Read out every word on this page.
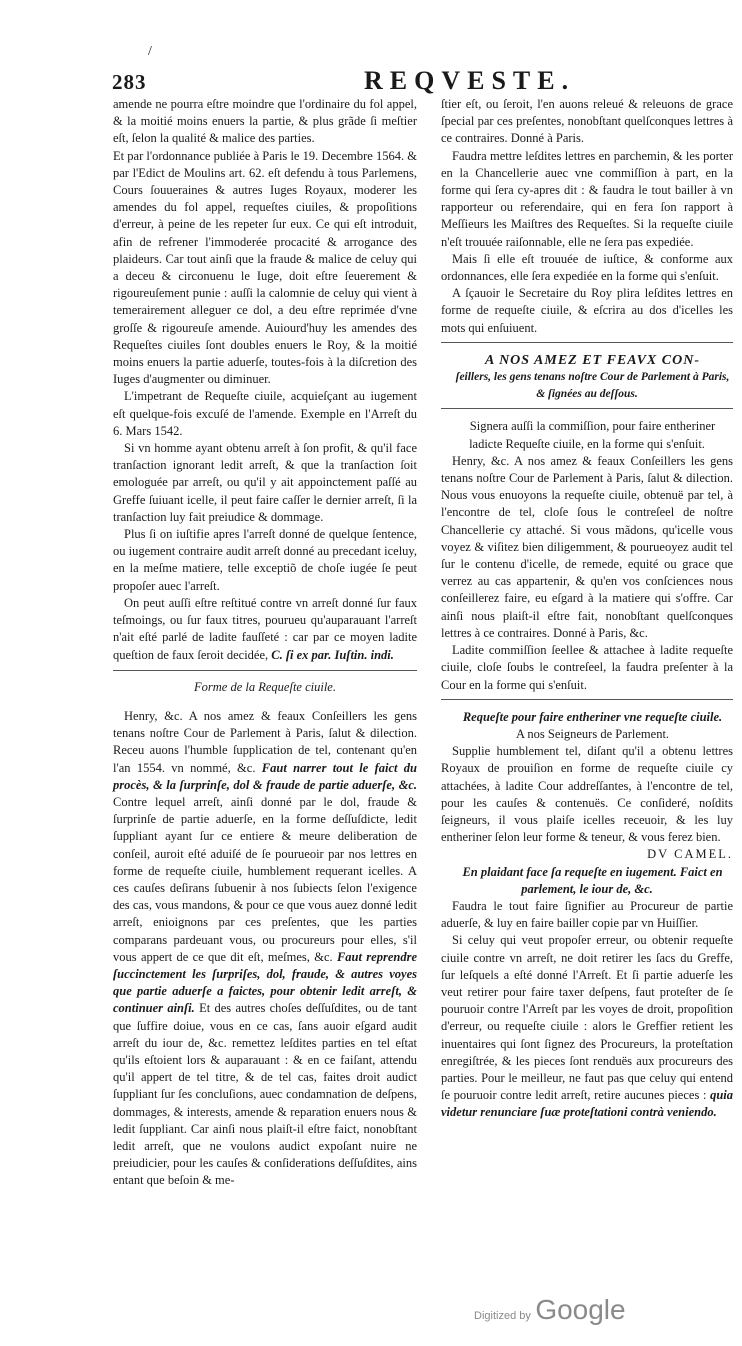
/
283	REQVESTE.

amende ne pourra eſtre moindre que l'ordinaire du fol appel, & la moitié moins enuers la partie, & plus grãde ſi meſtier eſt, ſelon la qualité & malice des parties.

Et par l'ordonnance publiée à Paris le 19. Decembre 1564. & par l'Edict de Moulins art. 62. eſt defendu à tous Parlemens, Cours ſouueraines & autres Iuges Royaux, moderer les amendes du fol appel, requeſtes ciuiles, & propoſitions d'erreur, à peine de les repeter ſur eux. Ce qui eſt introduit, afin de refrener l'immoderée procacité & arrogance des plaideurs. Car tout ainſi que la fraude & malice de celuy qui a deceu & circonuenu le Iuge, doit eſtre ſeuerement & rigoureuſement punie : auſſi la calomnie de celuy qui vient à temerairement alleguer ce dol, a deu eſtre reprimée d'vne groſſe & rigoureuſe amende. Auiourd'huy les amendes des Requeſtes ciuiles ſont doubles enuers le Roy, & la moitié moins enuers la partie aduerſe, toutes-fois à la diſcretion des Iuges d'augmenter ou diminuer.

L'impetrant de Requeſte ciuile, acquieſçant au iugement eſt quelque-fois excuſé de l'amende. Exemple en l'Arreſt du 6. Mars 1542.

Si vn homme ayant obtenu arreſt à ſon profit, & qu'il face tranſaction ignorant ledit arreſt, & que la tranſaction ſoit emologuée par arreſt, ou qu'il y ait appoinctement paſſé au Greffe ſuiuant icelle, il peut faire caſſer le dernier arreſt, ſi la tranſaction luy fait preiudice & dommage.

Plus ſi on iuſtifie apres l'arreſt donné de quelque ſentence, ou iugement contraire audit arreſt donné au precedant iceluy, en la meſme matiere, telle exceptiõ de choſe iugée ſe peut propoſer auec l'arreſt.

On peut auſſi eſtre reſtitué contre vn arreſt donné ſur faux teſmoings, ou ſur faux titres, pourueu qu'auparauant l'arreſt n'ait eſté parlé de ladite fauſſeté : car par ce moyen ladite queſtion de faux ſeroit decidée, C. ſi ex par. Iuſtin. indi.

Forme de la Requeſte ciuile.

Henry, &c. A nos amez & feaux Conſeillers les gens tenans noſtre Cour de Parlement à Paris, ſalut & dilection. Receu auons l'humble ſupplication de tel, contenant qu'en l'an 1554. vn nommé, &c. Faut narrer tout le faict du procès, & la ſurprinſe, dol & fraude de partie aduerſe, &c. Contre lequel arreſt, ainſi donné par le dol, fraude & ſurprinſe de partie aduerſe, en la forme deſſuſdicte, ledit ſuppliant ayant ſur ce entiere & meure deliberation de conſeil, auroit eſté aduiſé de ſe pourueoir par nos lettres en forme de requeſte ciuile, humblement requerant icelles. A ces cauſes deſirans ſubuenir à nos ſubiects ſelon l'exigence des cas, vous mandons, & pour ce que vous auez donné ledit arreſt, enioignons par ces preſentes, que les parties comparans pardeuant vous, ou procureurs pour elles, s'il vous appert de ce que dit eſt, meſmes, &c. Faut reprendre ſuccinctement les ſurpriſes, dol, fraude, & autres voyes que partie aduerſe a faictes, pour obtenir ledit arreſt, & continuer ainſi. Et des autres choſes deſſuſdites, ou de tant que ſuffire doiue, vous en ce cas, ſans auoir eſgard audit arreſt du iour de, &c. remettez leſdites parties en tel eſtat qu'ils eſtoient lors & auparauant : & en ce faiſant, attendu qu'il appert de tel titre, & de tel cas, faites droit audict ſuppliant ſur ſes concluſions, auec condamnation de deſpens, dommages, & interests, amende & reparation enuers nous & ledit ſuppliant. Car ainſi nous plaiſt-il eſtre faict, nonobſtant ledit arreſt, que ne voulons audict expoſant nuire ne preiudicier, pour les cauſes & conſiderations deſſuſdites, ains entant que beſoin & me-

ſtier eſt, ou ſeroit, l'en auons releué & releuons de grace ſpecial par ces preſentes, nonobſtant quelſconques lettres à ce contraires. Donné à Paris.

Faudra mettre leſdites lettres en parchemin, & les porter en la Chancellerie auec vne commiſſion à part, en la forme qui ſera cy-apres dit : & faudra le tout bailler à vn rapporteur ou referendaire, qui en fera ſon rapport à Meſſieurs les Maiſtres des Requeſtes. Si la requeſte ciuile n'eſt trouuée raiſonnable, elle ne ſera pas expediée.

Mais ſi elle eſt trouuée de iuſtice, & conforme aux ordonnances, elle ſera expediée en la forme qui s'enſuit.

A ſçauoir le Secretaire du Roy plira leſdites lettres en forme de requeſte ciuile, & eſcrira au dos d'icelles les mots qui enſuiuent.

A NOS AMEZ ET FEAVX CON-

ſeillers, les gens tenans noſtre Cour de Parlement à Paris, & ſignées au deſſous.

Signera auſſi la commiſſion, pour faire entheriner ladicte Requeſte ciuile, en la forme qui s'enſuit.

Henry, &c. A nos amez & feaux Conſeillers les gens tenans noſtre Cour de Parlement à Paris, ſalut & dilection. Nous vous enuoyons la requeſte ciuile, obtenuë par tel, à l'encontre de tel, cloſe ſous le contreſeel de noſtre Chancellerie cy attaché. Si vous mãdons, qu'icelle vous voyez & viſitez bien diligemment, & pourueoyez audit tel ſur le contenu d'icelle, de remede, equité ou grace que verrez au cas appartenir, & qu'en vos conſciences nous conſeillerez faire, eu eſgard à la matiere qui s'offre. Car ainſi nous plaiſt-il eſtre fait, nonobſtant quelſconques lettres à ce contraires. Donné à Paris, &c.

Ladite commiſſion ſeellee & attachee à ladite requeſte ciuile, cloſe ſoubs le contreſeel, la faudra preſenter à la Cour en la forme qui s'enſuit.

Requeſte pour faire entheriner vne requeſte ciuile.

A nos Seigneurs de Parlement.

Supplie humblement tel, diſant qu'il a obtenu lettres Royaux de prouiſion en forme de requeſte ciuile cy attachées, à ladite Cour addreſſantes, à l'encontre de tel, pour les cauſes & contenuës. Ce conſideré, noſdits ſeigneurs, il vous plaiſe icelles receuoir, & les luy entheriner ſelon leur forme & teneur, & vous ferez bien.

DV CAMEL.

En plaidant face ſa requeſte en iugement. Faict en parlement, le iour de, &c.

Faudra le tout faire ſignifier au Procureur de partie aduerſe, & luy en faire bailler copie par vn Huiſſier.

Si celuy qui veut propoſer erreur, ou obtenir requeſte ciuile contre vn arreſt, ne doit retirer les ſacs du Greffe, ſur leſquels a eſté donné l'Arreſt. Et ſi partie aduerſe les veut retirer pour faire taxer deſpens, faut proteſter de ſe pouruoir contre l'Arreſt par les voyes de droit, propoſition d'erreur, ou requeſte ciuile : alors le Greffier retient les inuentaires qui ſont ſignez des Procureurs, la proteſtation enregiſtrée, & les pieces ſont renduës aux procureurs des parties. Pour le meilleur, ne faut pas que celuy qui entend ſe pouruoir contre ledit arreſt, retire aucunes pieces : quia videtur renunciare ſuæ proteſtationi contrà veniendo.

Digitized by Google
